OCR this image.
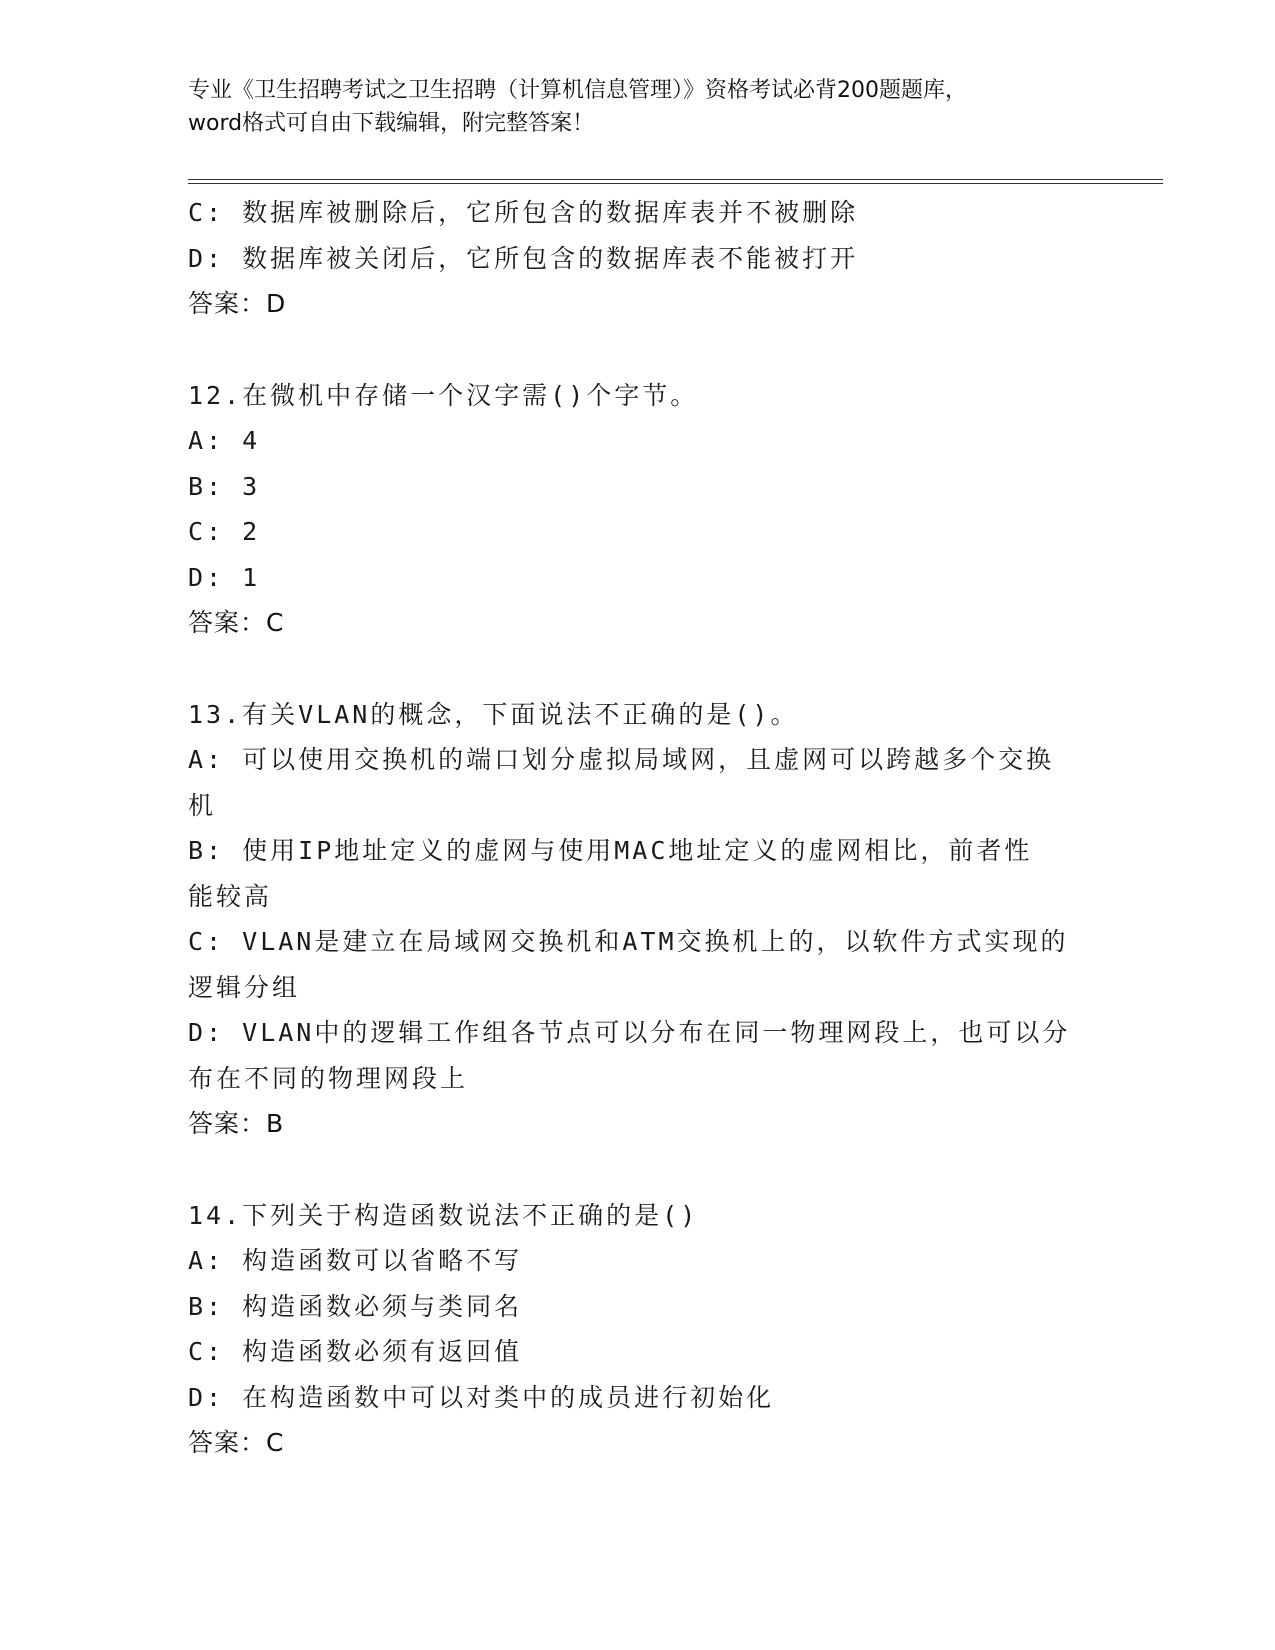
专业《卫生招聘考试之卫生招聘（计算机信息管理）》资格考试必背200题题库，
word格式可自由下载编辑，附完整答案！
C: 数据库被删除后，它所包含的数据库表并不被删除
D: 数据库被关闭后，它所包含的数据库表不能被打开
答案：D
12.在微机中存储一个汉字需()个字节。
A: 4
B: 3
C: 2
D: 1
答案：C
13.有关VLAN的概念，下面说法不正确的是()。
A: 可以使用交换机的端口划分虚拟局域网，且虚网可以跨越多个交换
机
B: 使用IP地址定义的虚网与使用MAC地址定义的虚网相比，前者性
能较高
C: VLAN是建立在局域网交换机和ATM交换机上的，以软件方式实现的
逻辑分组
D: VLAN中的逻辑工作组各节点可以分布在同一物理网段上，也可以分
布在不同的物理网段上
答案：B
14.下列关于构造函数说法不正确的是()
A: 构造函数可以省略不写
B: 构造函数必须与类同名
C: 构造函数必须有返回值
D: 在构造函数中可以对类中的成员进行初始化
答案：C
